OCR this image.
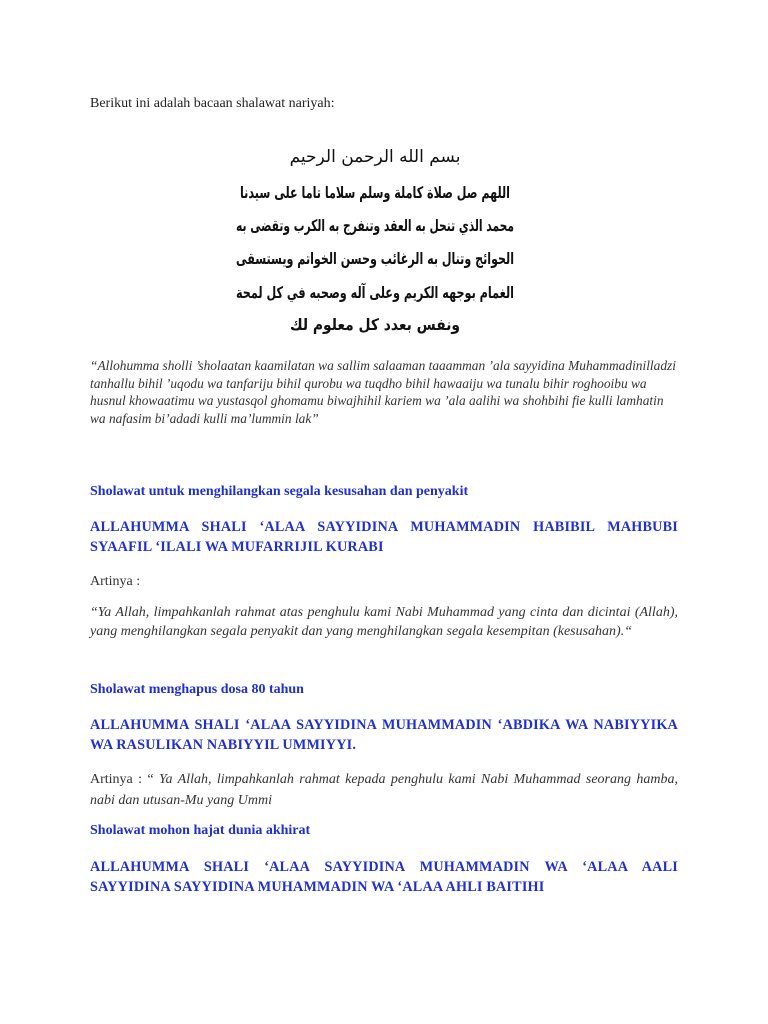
Berikut ini adalah bacaan shalawat nariyah:
بسم الله الرحمن الرحيم
اللهم صل صلاة كاملة وسلم سلاما تاما على سيدنا
محمد الذي تنحل به العقد وتنفرج به الكرب وتقضى به
الحوائج وتنال به الرغائب وحسن الخواتم ويستسقى
الغمام بوجهه الكريم وعلى آله وصحبه في كل لمحة
ونفس بعدد كل معلوم لك
“Allohumma sholli ’sholaatan kaamilatan wa sallim salaaman taaamman ’ala sayyidina Muhammadinilladzi tanhallu bihil ’uqodu wa tanfariju bihil qurobu wa tuqdho bihil hawaaiju wa tunalu bihir roghooibu wa husnul khowaatimu wa yustasqol ghomamu biwajhihil kariem wa ’ala aalihi wa shohbihi fie kulli lamhatin wa nafasim bi’adadi kulli ma’lummin lak”
Sholawat untuk menghilangkan segala kesusahan dan penyakit
ALLAHUMMA SHALI ‘ALAA SAYYIDINA MUHAMMADIN HABIBIL MAHBUBI SYAAFIL ‘ILALI WA MUFARRIJIL KURABI
Artinya :
“Ya Allah, limpahkanlah rahmat atas penghulu kami Nabi Muhammad yang cinta dan dicintai (Allah), yang menghilangkan segala penyakit dan yang menghilangkan segala kesempitan (kesusahan).“
Sholawat menghapus dosa 80 tahun
ALLAHUMMA SHALI ‘ALAA SAYYIDINA MUHAMMADIN ‘ABDIKA WA NABIYYIKA WA RASULIKAN NABIYYIL UMMIYYI.
Artinya : “ Ya Allah, limpahkanlah rahmat kepada penghulu kami Nabi Muhammad seorang hamba, nabi dan utusan-Mu yang Ummi
Sholawat mohon hajat dunia akhirat
ALLAHUMMA SHALI ‘ALAA SAYYIDINA MUHAMMADIN WA ‘ALAA AALI SAYYIDINA SAYYIDINA MUHAMMADIN WA ‘ALAA AHLI BAITIHI
